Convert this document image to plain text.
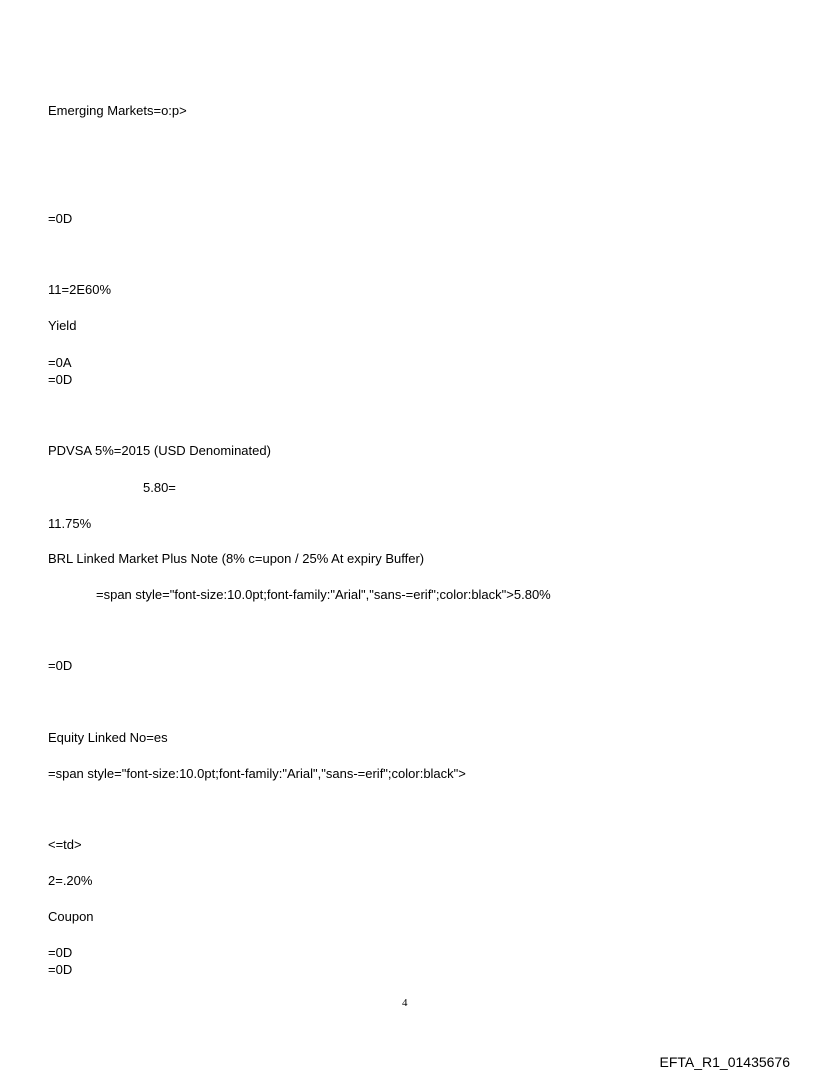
Emerging Markets=o:p>
=0D
11=2E60%
Yield
=0A
=0D
PDVSA 5%=2015 (USD Denominated)
5.80=
11.75%
BRL Linked Market Plus Note (8% c=upon / 25% At expiry Buffer)
=span style="font-size:10.0pt;font-family:"Arial","sans-=erif";color:black">5.80%
=0D
Equity Linked No=es
=span style="font-size:10.0pt;font-family:"Arial","sans-=erif";color:black">
<=td>
2=.20%
Coupon
=0D
=0D
4
EFTA_R1_01435676
